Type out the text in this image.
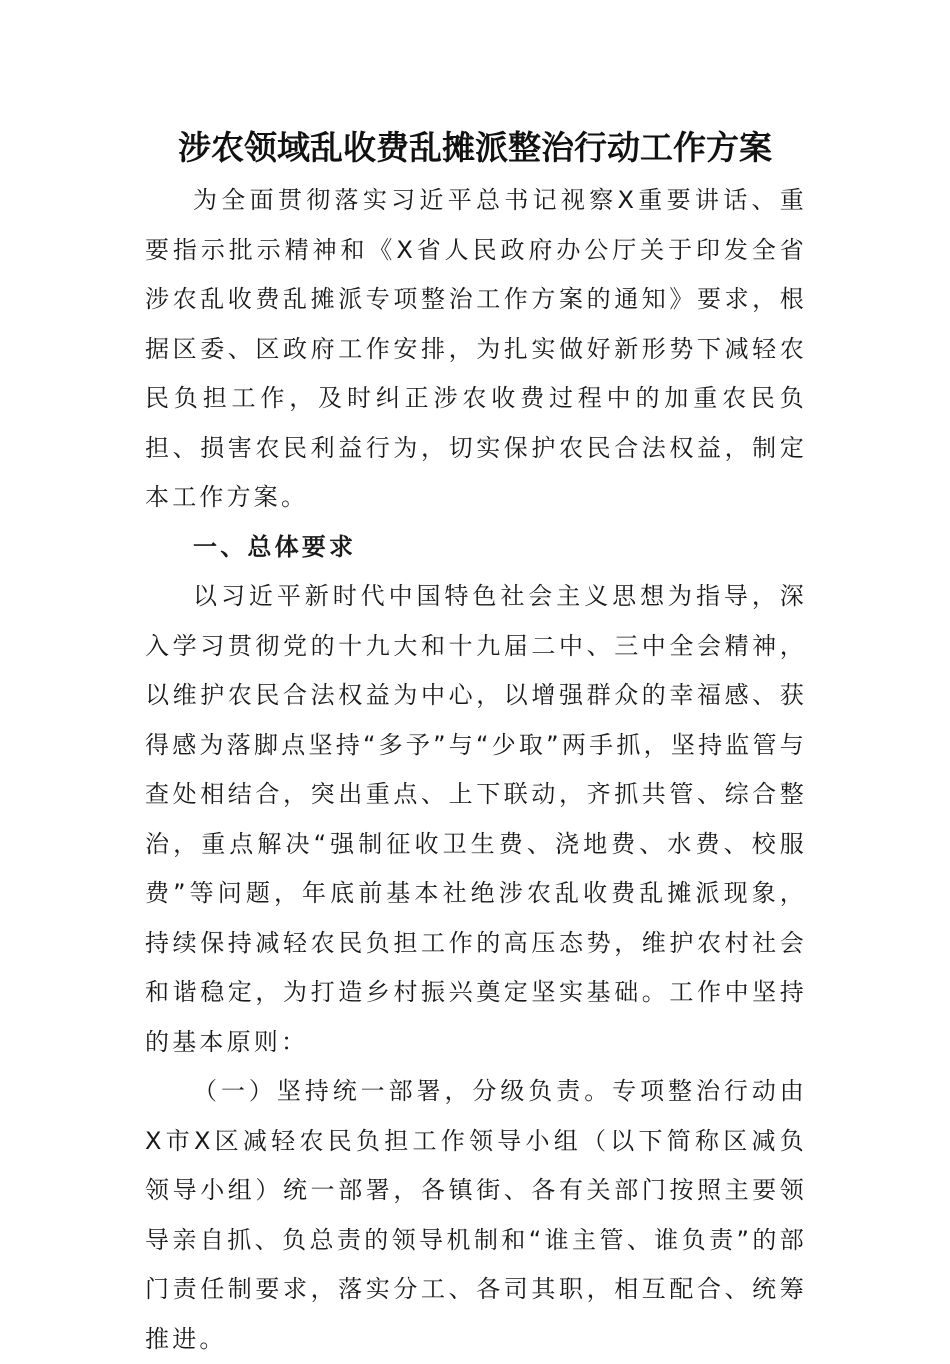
涉农领域乱收费乱摊派整治行动工作方案

为全面贯彻落实习近平总书记视察X重要讲话、重要指示批示精神和《X省人民政府办公厅关于印发全省涉农乱收费乱摊派专项整治工作方案的通知》要求，根据区委、区政府工作安排，为扎实做好新形势下减轻农民负担工作，及时纠正涉农收费过程中的加重农民负担、损害农民利益行为，切实保护农民合法权益，制定本工作方案。

一、总体要求

以习近平新时代中国特色社会主义思想为指导，深入学习贯彻党的十九大和十九届二中、三中全会精神，以维护农民合法权益为中心，以增强群众的幸福感、获得感为落脚点坚持“多予”与“少取”两手抓，坚持监管与查处相结合，突出重点、上下联动，齐抓共管、综合整治，重点解决“强制征收卫生费、浇地费、水费、校服费”等问题，年底前基本社绝涉农乱收费乱摊派现象，持续保持减轻农民负担工作的高压态势，维护农村社会和谐稳定，为打造乡村振兴奠定坚实基础。工作中坚持的基本原则：

（一）坚持统一部署，分级负责。专项整治行动由X市X区减轻农民负担工作领导小组（以下简称区减负领导小组）统一部署，各镇街、各有关部门按照主要领导亲自抓、负总责的领导机制和“谁主管、谁负责”的部门责任制要求，落实分工、各司其职，相互配合、统筹推进。
